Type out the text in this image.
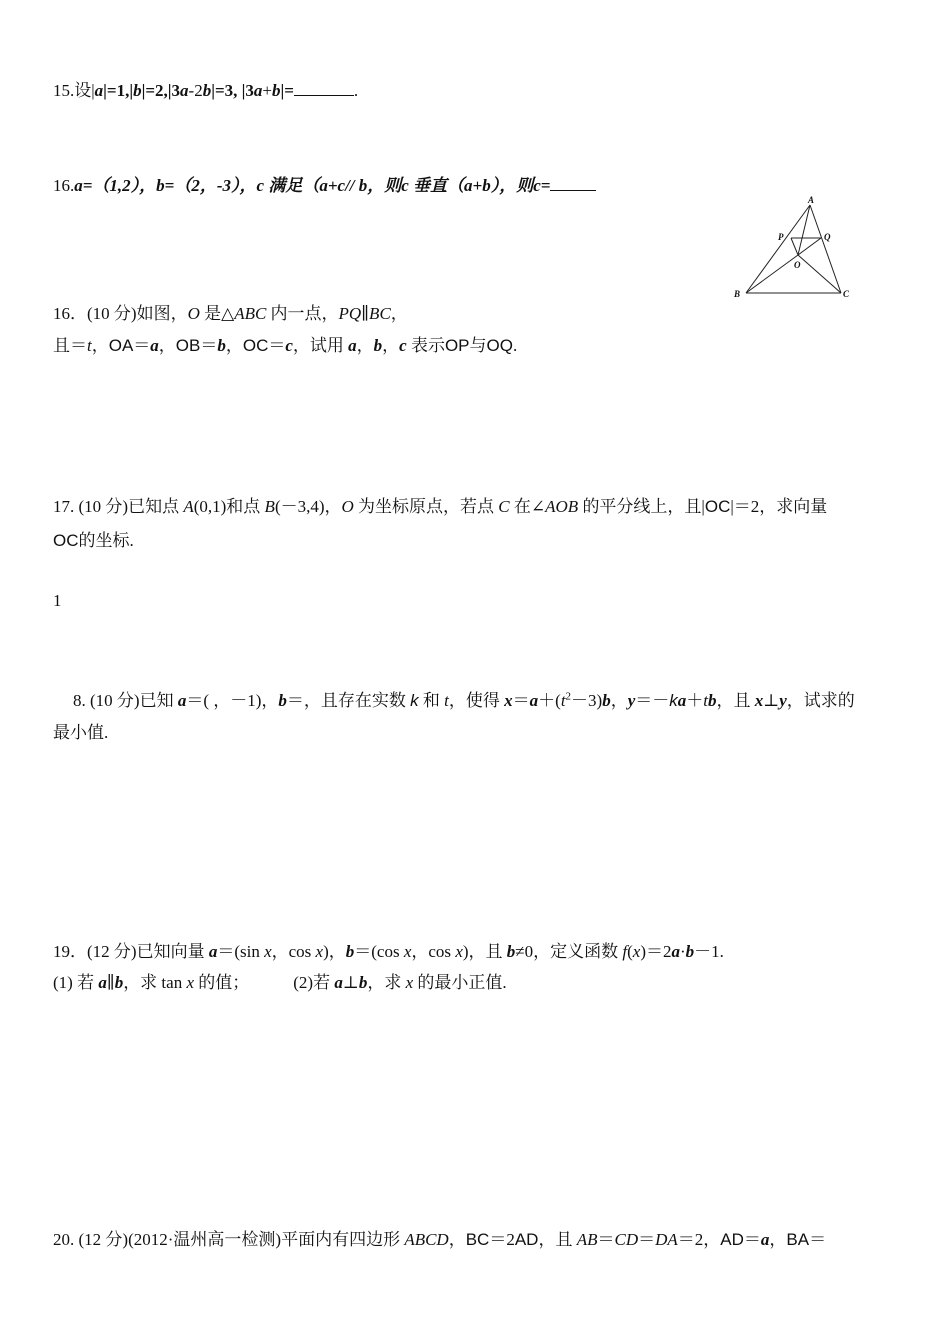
15.设|a|=1,|b|=2,|3a-2b|=3, |3a+b|=	.
16.a=（1,2），b=（2，-3），c 满足（a+c// b，则c 垂直（a+b），则c=
A
P	Q
O
B	C
16．(10 分)如图，O 是△ABC 内一点，PQ∥BC，
且＝t，OA＝a，OB＝b，OC＝c，试用 a，b，c 表示OP与OQ.
17. (10 分)已知点 A(0,1)和点 B(－3,4)，O 为坐标原点，若点 C 在∠AOB 的平分线上，且|OC|＝2，求向量
OC的坐标.
1
8. (10 分)已知 a＝( ，－1)，b＝，且存在实数 k 和 t，使得 $x=a+(t^2-3)b$，y＝－ka＋tb，且 x⊥y，试求的
最小值.
19．(12 分)已知向量 a＝(sin x，cos x)，b＝(cos x，cos x)，且 b≠0，定义函数 f(x)＝2a·b－1.
(1) 若 a∥b，求 tan x 的值；	(2)若 a⊥b，求 x 的最小正值.
20. (12 分)(2012·温州高一检测)平面内有四边形 ABCD，BC＝2AD，且 AB＝CD＝DA＝2，AD＝a，BA＝
